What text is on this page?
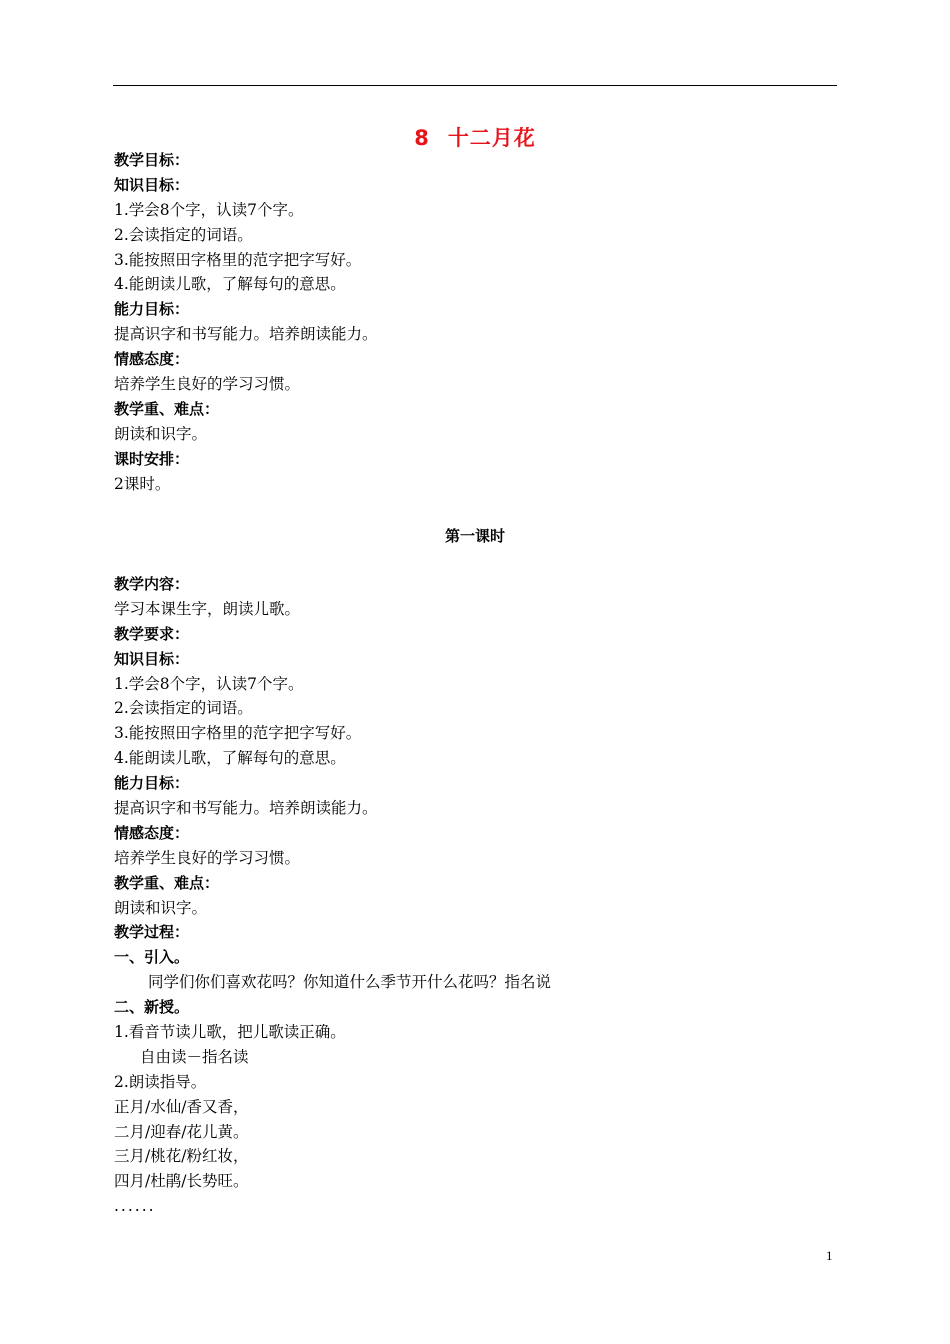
8 十二月花
教学目标：
知识目标：
1.学会8个字，认读7个字。
2.会读指定的词语。
3.能按照田字格里的范字把字写好。
4.能朗读儿歌，了解每句的意思。
能力目标：
提高识字和书写能力。培养朗读能力。
情感态度：
培养学生良好的学习习惯。
教学重、难点：
朗读和识字。
课时安排：
2课时。
第一课时
教学内容：
学习本课生字，朗读儿歌。
教学要求：
知识目标：
1.学会8个字，认读7个字。
2.会读指定的词语。
3.能按照田字格里的范字把字写好。
4.能朗读儿歌，了解每句的意思。
能力目标：
提高识字和书写能力。培养朗读能力。
情感态度：
培养学生良好的学习习惯。
教学重、难点：
朗读和识字。
教学过程：
一、引入。
同学们你们喜欢花吗？你知道什么季节开什么花吗？指名说
二、新授。
1.看音节读儿歌，把儿歌读正确。
自由读－指名读
2.朗读指导。
正月/水仙/香又香，
二月/迎春/花儿黄。
三月/桃花/粉红妆，
四月/杜鹃/长势旺。
......
1
